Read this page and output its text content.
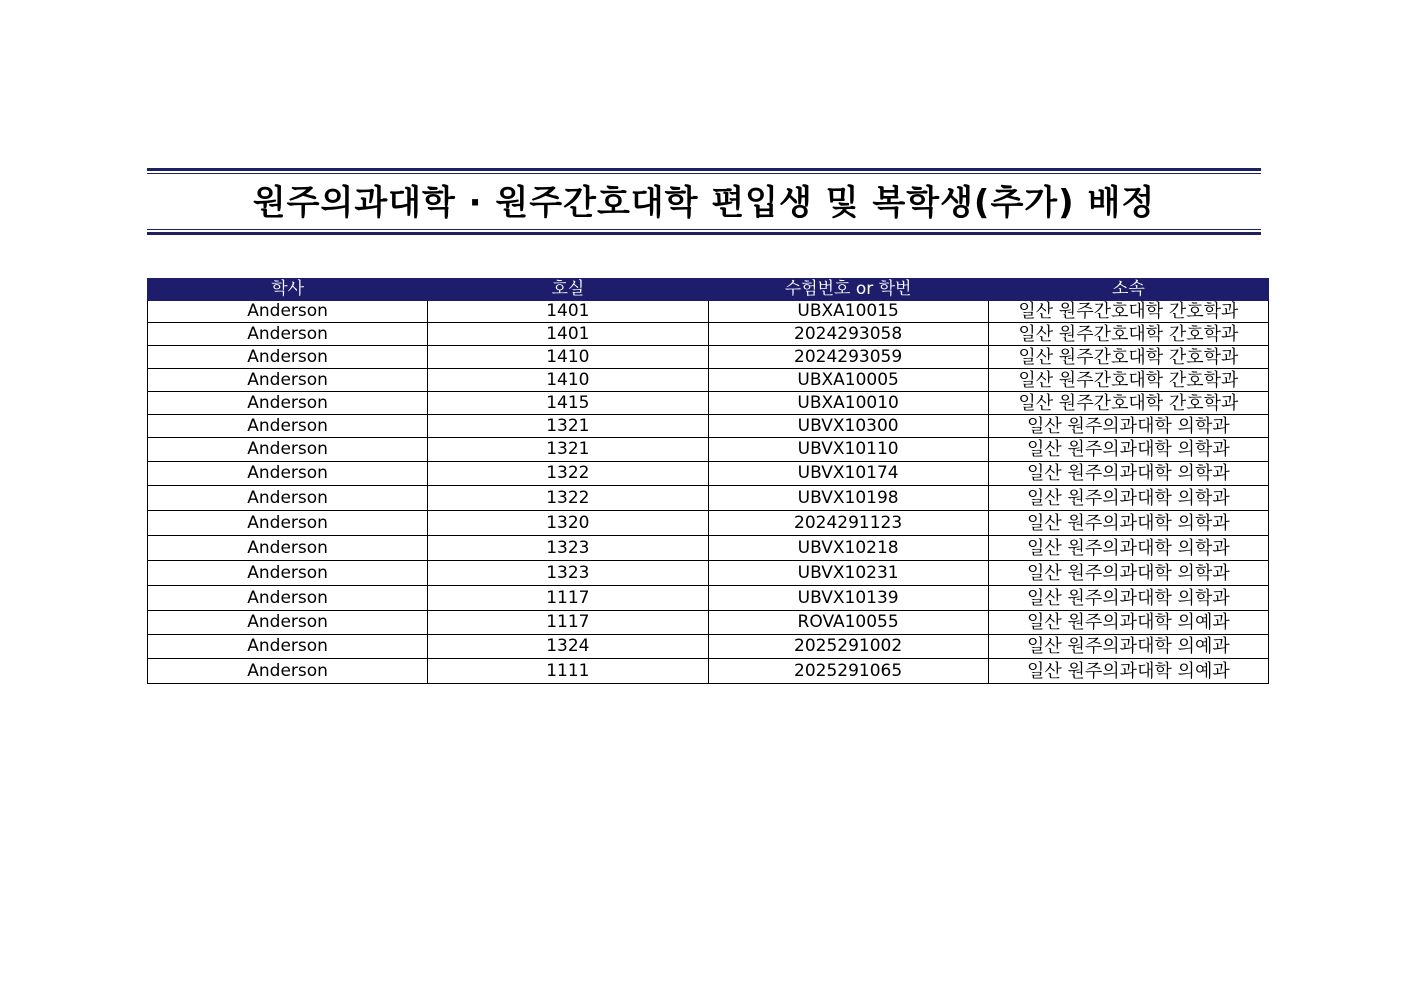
원주의과대학 · 원주간호대학 편입생 및 복학생(추가) 배정
학사	호실	수험번호 or 학번	소속
Anderson	1401	UBXA10015	일산 원주간호대학 간호학과
Anderson	1401	2024293058	일산 원주간호대학 간호학과
Anderson	1410	2024293059	일산 원주간호대학 간호학과
Anderson	1410	UBXA10005	일산 원주간호대학 간호학과
Anderson	1415	UBXA10010	일산 원주간호대학 간호학과
Anderson	1321	UBVX10300	일산 원주의과대학 의학과
Anderson	1321	UBVX10110	일산 원주의과대학 의학과
Anderson	1322	UBVX10174	일산 원주의과대학 의학과
Anderson	1322	UBVX10198	일산 원주의과대학 의학과
Anderson	1320	2024291123	일산 원주의과대학 의학과
Anderson	1323	UBVX10218	일산 원주의과대학 의학과
Anderson	1323	UBVX10231	일산 원주의과대학 의학과
Anderson	1117	UBVX10139	일산 원주의과대학 의학과
Anderson	1117	ROVA10055	일산 원주의과대학 의예과
Anderson	1324	2025291002	일산 원주의과대학 의예과
Anderson	1111	2025291065	일산 원주의과대학 의예과
